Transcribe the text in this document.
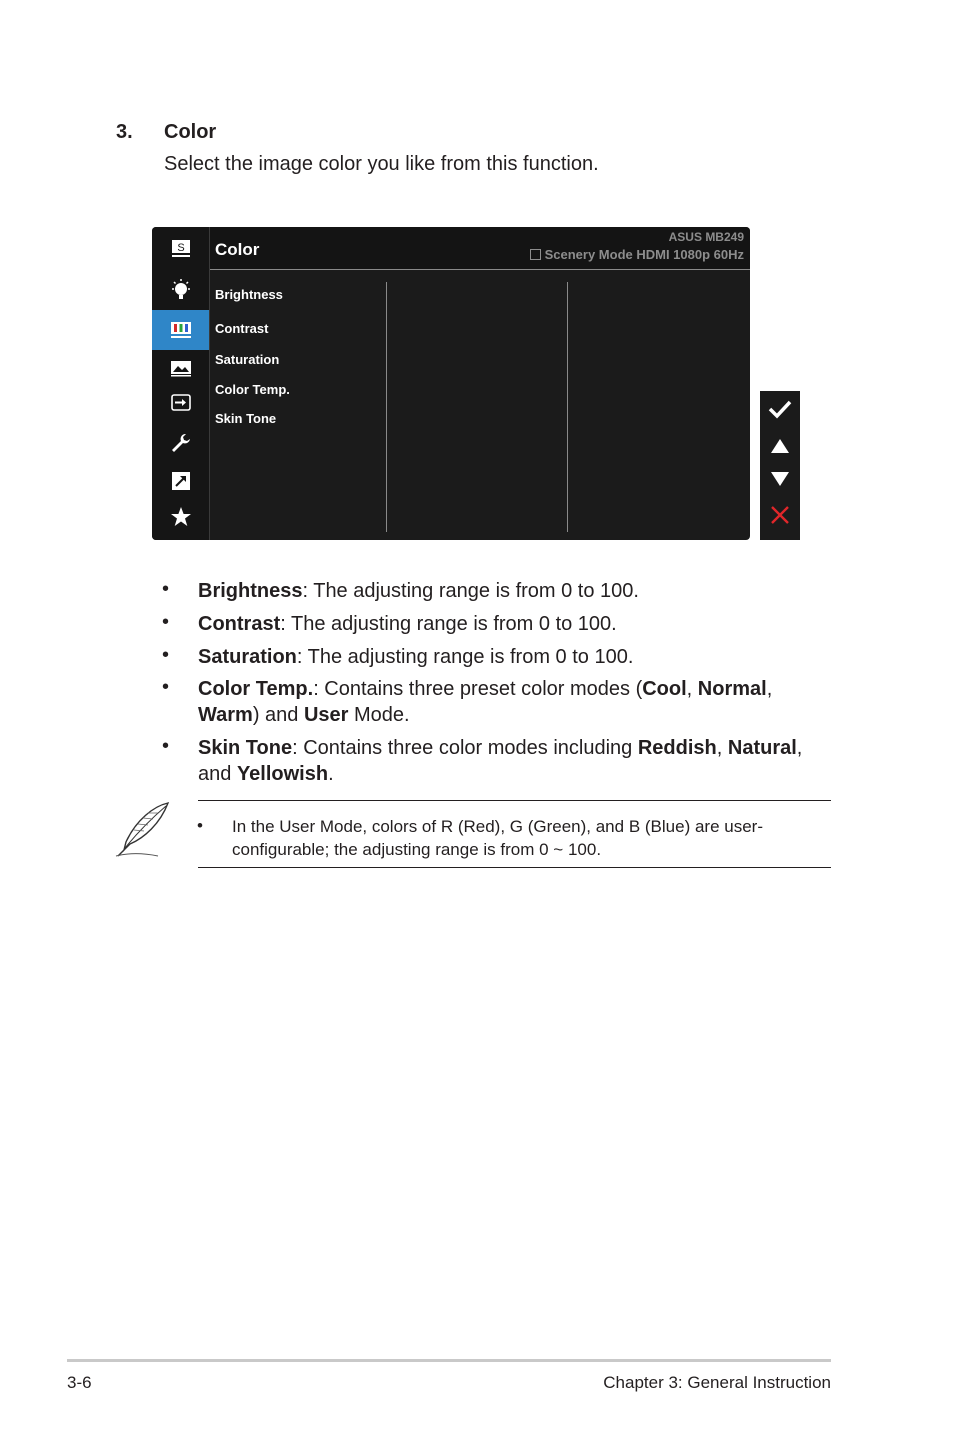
3. Color
Select the image color you like from this function.
S Color
ASUS MB249
Scenery Mode HDMI 1080p 60Hz
Brightness
Contrast
Saturation
Color Temp.
Skin Tone
• Brightness: The adjusting range is from 0 to 100.
• Contrast: The adjusting range is from 0 to 100.
• Saturation: The adjusting range is from 0 to 100.
• Color Temp.: Contains three preset color modes (Cool, Normal, Warm) and User Mode.
• Skin Tone: Contains three color modes including Reddish, Natural, and Yellowish.
• In the User Mode, colors of R (Red), G (Green), and B (Blue) are user-configurable; the adjusting range is from 0 ~ 100.
3-6	Chapter 3: General Instruction
